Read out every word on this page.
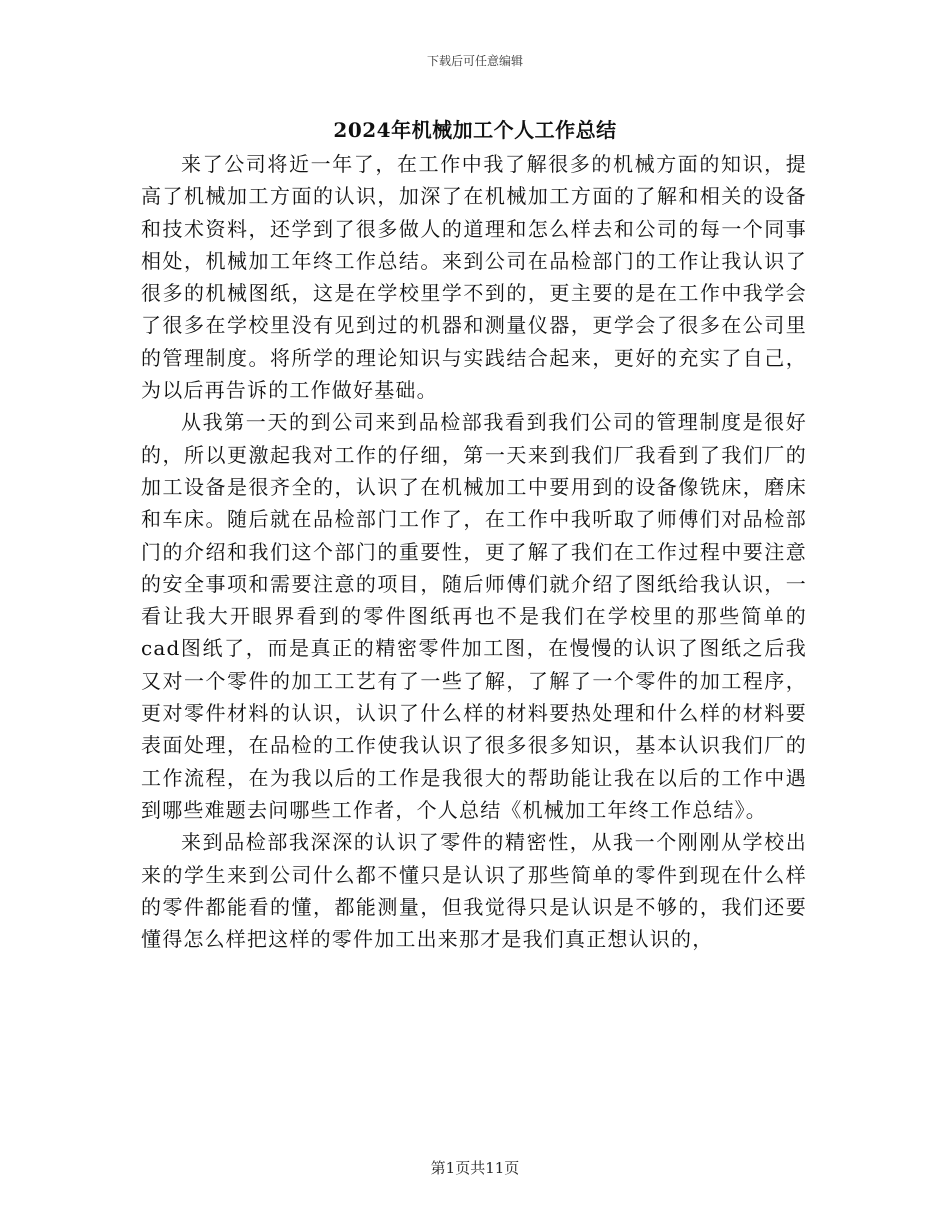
下载后可任意编辑
2024年机械加工个人工作总结

来了公司将近一年了，在工作中我了解很多的机械方面的知识，提高了机械加工方面的认识，加深了在机械加工方面的了解和相关的设备和技术资料，还学到了很多做人的道理和怎么样去和公司的每一个同事相处，机械加工年终工作总结。来到公司在品检部门的工作让我认识了很多的机械图纸，这是在学校里学不到的，更主要的是在工作中我学会了很多在学校里没有见到过的机器和测量仪器，更学会了很多在公司里的管理制度。将所学的理论知识与实践结合起来，更好的充实了自己，为以后再告诉的工作做好基础。

从我第一天的到公司来到品检部我看到我们公司的管理制度是很好的，所以更激起我对工作的仔细，第一天来到我们厂我看到了我们厂的加工设备是很齐全的，认识了在机械加工中要用到的设备像铣床，磨床和车床。随后就在品检部门工作了，在工作中我听取了师傅们对品检部门的介绍和我们这个部门的重要性，更了解了我们在工作过程中要注意的安全事项和需要注意的项目，随后师傅们就介绍了图纸给我认识，一看让我大开眼界看到的零件图纸再也不是我们在学校里的那些简单的cad图纸了，而是真正的精密零件加工图，在慢慢的认识了图纸之后我又对一个零件的加工工艺有了一些了解，了解了一个零件的加工程序，更对零件材料的认识，认识了什么样的材料要热处理和什么样的材料要表面处理，在品检的工作使我认识了很多很多知识，基本认识我们厂的工作流程，在为我以后的工作是我很大的帮助能让我在以后的工作中遇到哪些难题去问哪些工作者，个人总结《机械加工年终工作总结》。

来到品检部我深深的认识了零件的精密性，从我一个刚刚从学校出来的学生来到公司什么都不懂只是认识了那些简单的零件到现在什么样的零件都能看的懂，都能测量，但我觉得只是认识是不够的，我们还要懂得怎么样把这样的零件加工出来那才是我们真正想认识的，

第1页共11页
